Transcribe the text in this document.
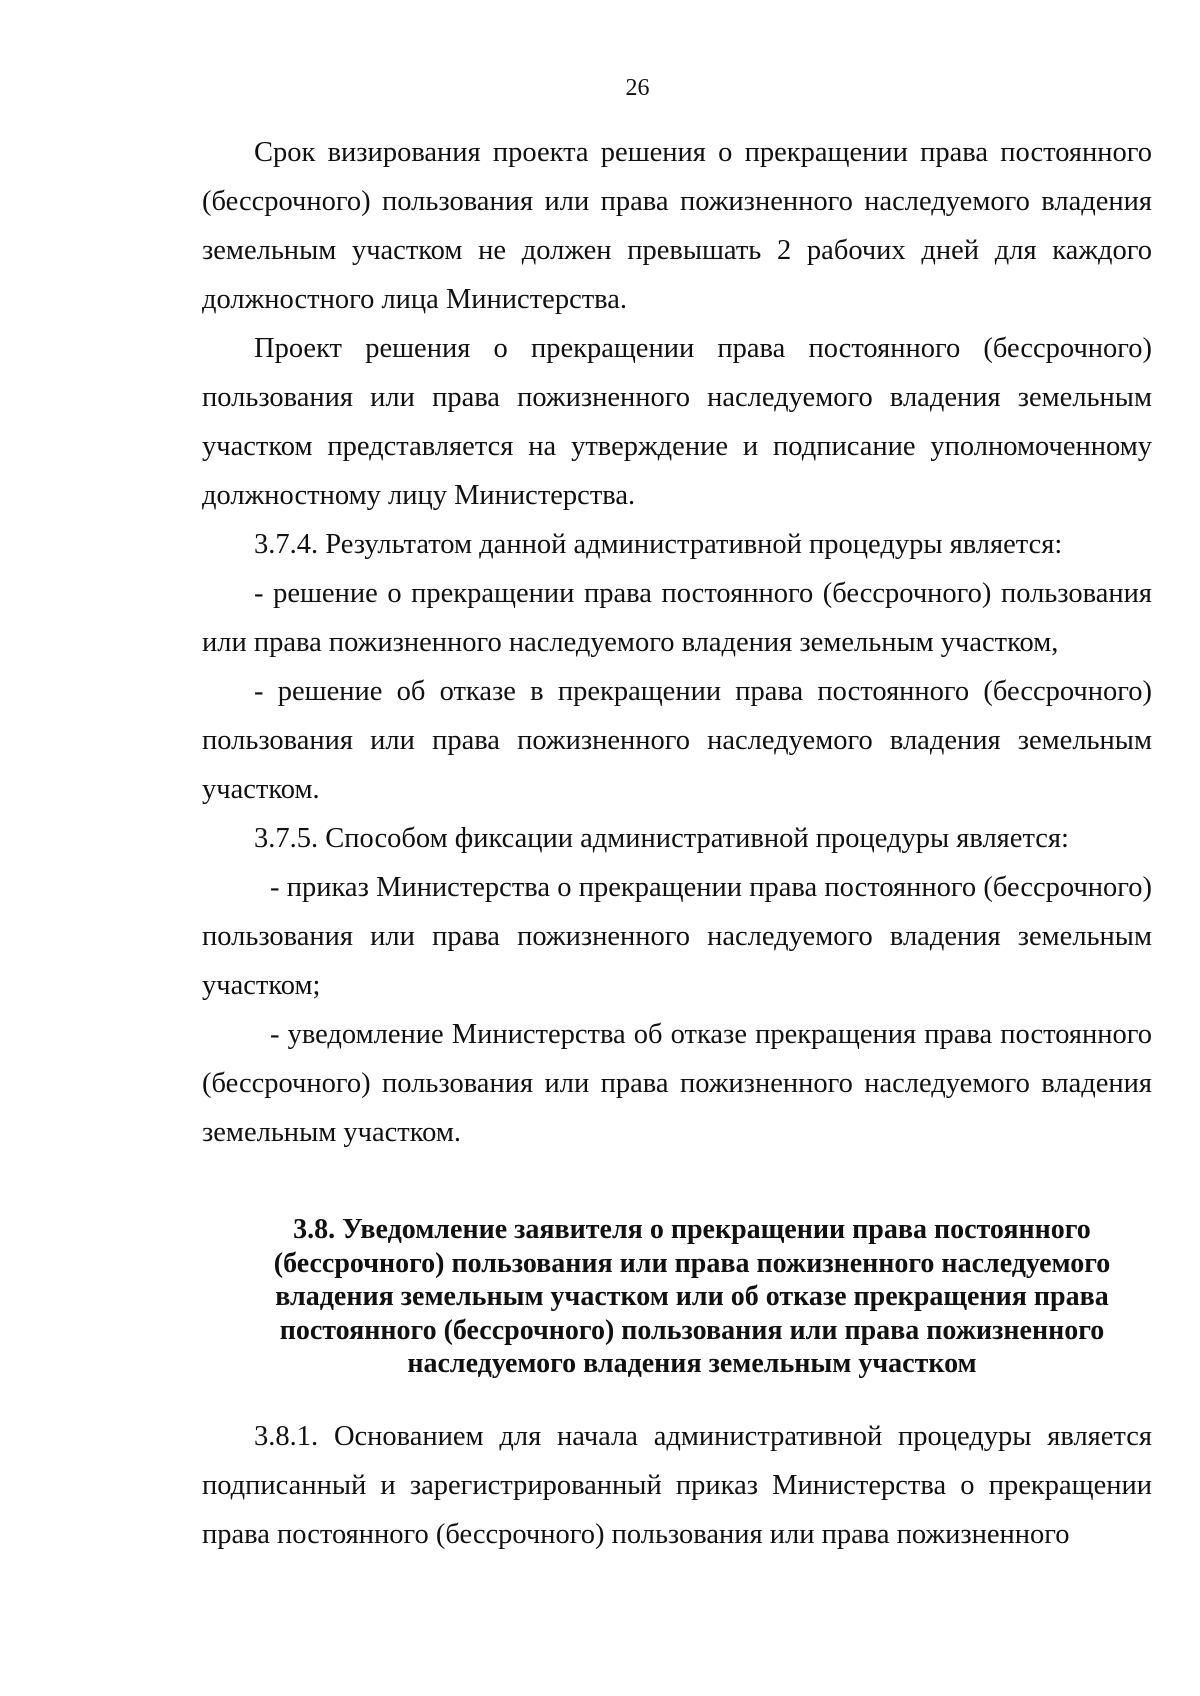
26

Срок визирования проекта решения о прекращении права постоянного (бессрочного) пользования или права пожизненного наследуемого владения земельным участком не должен превышать 2 рабочих дней для каждого должностного лица Министерства.

Проект решения о прекращении права постоянного (бессрочного) пользования или права пожизненного наследуемого владения земельным участком представляется на утверждение и подписание уполномоченному должностному лицу Министерства.

3.7.4. Результатом данной административной процедуры является:

- решение о прекращении права постоянного (бессрочного) пользования или права пожизненного наследуемого владения земельным участком,

- решение об отказе в прекращении права постоянного (бессрочного) пользования или права пожизненного наследуемого владения земельным участком.

3.7.5. Способом фиксации административной процедуры является:

- приказ Министерства о прекращении права постоянного (бессрочного) пользования или права пожизненного наследуемого владения земельным участком;

- уведомление Министерства об отказе прекращения права постоянного (бессрочного) пользования или права пожизненного наследуемого владения земельным участком.

3.8. Уведомление заявителя о прекращении права постоянного
(бессрочного) пользования или права пожизненного наследуемого
владения земельным участком или об отказе прекращения права
постоянного (бессрочного) пользования или права пожизненного
наследуемого владения земельным участком

3.8.1. Основанием для начала административной процедуры является подписанный и зарегистрированный приказ Министерства о прекращении права постоянного (бессрочного) пользования или права пожизненного
